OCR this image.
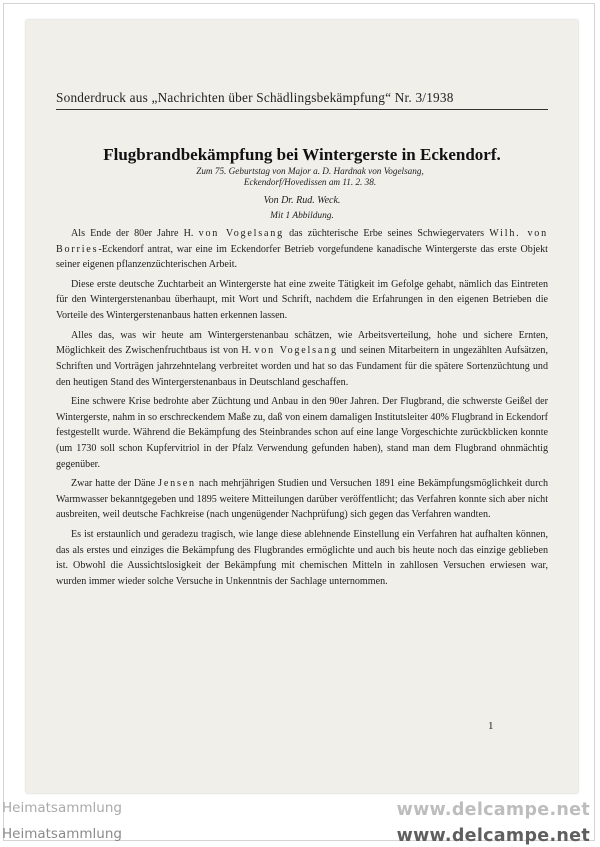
Sonderdruck aus „Nachrichten über Schädlingsbekämpfung“ Nr. 3/1938
Flugbrandbekämpfung bei Wintergerste in Eckendorf.
Zum 75. Geburtstag von Major a. D. Hardnak von Vogelsang,
Eckendorf/Hovedissen am 11. 2. 38.
Von Dr. Rud. Weck.
Mit 1 Abbildung.

Als Ende der 80er Jahre H. von Vogelsang das züchterische Erbe seines Schwiegervaters Wilh. von Borries-Eckendorf antrat, war eine im Eckendorfer Betrieb vorgefundene kanadische Wintergerste das erste Objekt seiner eigenen pflanzenzüchterischen Arbeit.

Diese erste deutsche Zuchtarbeit an Wintergerste hat eine zweite Tätigkeit im Gefolge gehabt, nämlich das Eintreten für den Wintergerstenanbau überhaupt, mit Wort und Schrift, nachdem die Erfahrungen in den eigenen Betrieben die Vorteile des Wintergerstenanbaus hatten erkennen lassen.

Alles das, was wir heute am Wintergerstenanbau schätzen, wie Arbeitsverteilung, hohe und sichere Ernten, Möglichkeit des Zwischenfruchtbaus ist von H. von Vogelsang und seinen Mitarbeitern in ungezählten Aufsätzen, Schriften und Vorträgen jahrzehntelang verbreitet worden und hat so das Fundament für die spätere Sortenzüchtung und den heutigen Stand des Wintergerstenanbaus in Deutschland geschaffen.

Eine schwere Krise bedrohte aber Züchtung und Anbau in den 90er Jahren. Der Flugbrand, die schwerste Geißel der Wintergerste, nahm in so erschreckendem Maße zu, daß von einem damaligen Institutsleiter 40% Flugbrand in Eckendorf festgestellt wurde. Während die Bekämpfung des Steinbrandes schon auf eine lange Vorgeschichte zurückblicken konnte (um 1730 soll schon Kupfervitriol in der Pfalz Verwendung gefunden haben), stand man dem Flugbrand ohnmächtig gegenüber.

Zwar hatte der Däne Jensen nach mehrjährigen Studien und Versuchen 1891 eine Bekämpfungsmöglichkeit durch Warmwasser bekanntgegeben und 1895 weitere Mitteilungen darüber veröffentlicht; das Verfahren konnte sich aber nicht ausbreiten, weil deutsche Fachkreise (nach ungenügender Nachprüfung) sich gegen das Verfahren wandten.

Es ist erstaunlich und geradezu tragisch, wie lange diese ablehnende Einstellung ein Verfahren hat aufhalten können, das als erstes und einziges die Bekämpfung des Flugbrandes ermöglichte und auch bis heute noch das einzige geblieben ist. Obwohl die Aussichtslosigkeit der Bekämpfung mit chemischen Mitteln in zahllosen Versuchen erwiesen war, wurden immer wieder solche Versuche in Unkenntnis der Sachlage unternommen.

1
Heimatsammlung	www.delcampe.net
Heimatsammlung	www.delcampe.net
